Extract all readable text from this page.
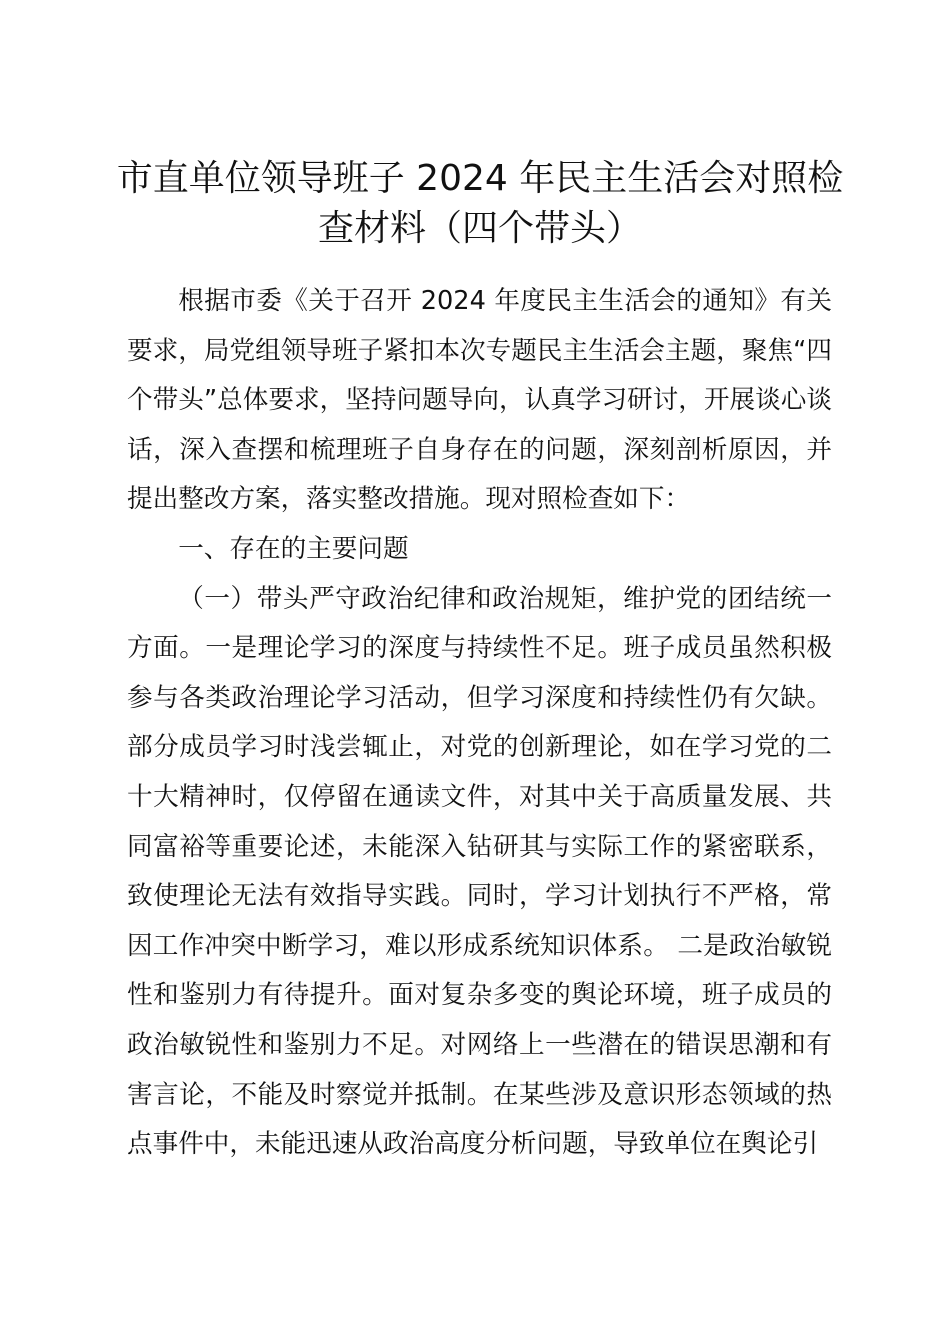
市直单位领导班子 2024 年民主生活会对照检查材料（四个带头）

根据市委《关于召开 2024 年度民主生活会的通知》有关要求，局党组领导班子紧扣本次专题民主生活会主题，聚焦“四个带头”总体要求，坚持问题导向，认真学习研讨，开展谈心谈话，深入查摆和梳理班子自身存在的问题，深刻剖析原因，并提出整改方案，落实整改措施。现对照检查如下：

一、存在的主要问题

（一）带头严守政治纪律和政治规矩，维护党的团结统一方面。一是理论学习的深度与持续性不足。班子成员虽然积极参与各类政治理论学习活动，但学习深度和持续性仍有欠缺。部分成员学习时浅尝辄止，对党的创新理论，如在学习党的二十大精神时，仅停留在通读文件，对其中关于高质量发展、共同富裕等重要论述，未能深入钻研其与实际工作的紧密联系，致使理论无法有效指导实践。同时，学习计划执行不严格，常因工作冲突中断学习，难以形成系统知识体系。 二是政治敏锐性和鉴别力有待提升。面对复杂多变的舆论环境，班子成员的政治敏锐性和鉴别力不足。对网络上一些潜在的错误思潮和有害言论，不能及时察觉并抵制。在某些涉及意识形态领域的热点事件中，未能迅速从政治高度分析问题，导致单位在舆论引
